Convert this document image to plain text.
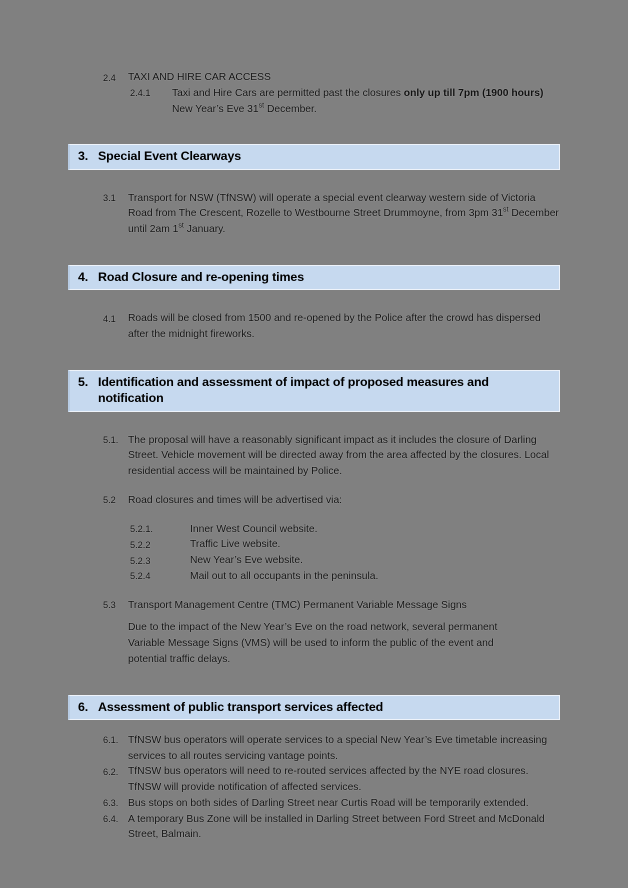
2.4	TAXI AND HIRE CAR ACCESS
2.4.1	Taxi and Hire Cars are permitted past the closures only up till 7pm (1900 hours) New Year’s Eve 31st December.
3. Special Event Clearways
3.1	Transport for NSW (TfNSW) will operate a special event clearway western side of Victoria Road from The Crescent, Rozelle to Westbourne Street Drummoyne, from 3pm 31st December until 2am 1st January.
4. Road Closure and re-opening times
4.1	Roads will be closed from 1500 and re-opened by the Police after the crowd has dispersed after the midnight fireworks.
5. Identification and assessment of impact of proposed measures and notification
5.1. The proposal will have a reasonably significant impact as it includes the closure of Darling Street. Vehicle movement will be directed away from the area affected by the closures. Local residential access will be maintained by Police.
5.2	Road closures and times will be advertised via:
5.2.1.	Inner West Council website.
5.2.2	Traffic Live website.
5.2.3	New Year’s Eve website.
5.2.4	Mail out to all occupants in the peninsula.
5.3	Transport Management Centre (TMC) Permanent Variable Message Signs
Due to the impact of the New Year’s Eve on the road network, several permanent Variable Message Signs (VMS) will be used to inform the public of the event and potential traffic delays.
6. Assessment of public transport services affected
6.1. TfNSW bus operators will operate services to a special New Year’s Eve timetable increasing services to all routes servicing vantage points.
6.2. TfNSW bus operators will need to re-routed services affected by the NYE road closures. TfNSW will provide notification of affected services.
6.3. Bus stops on both sides of Darling Street near Curtis Road will be temporarily extended.
6.4. A temporary Bus Zone will be installed in Darling Street between Ford Street and McDonald Street, Balmain.
